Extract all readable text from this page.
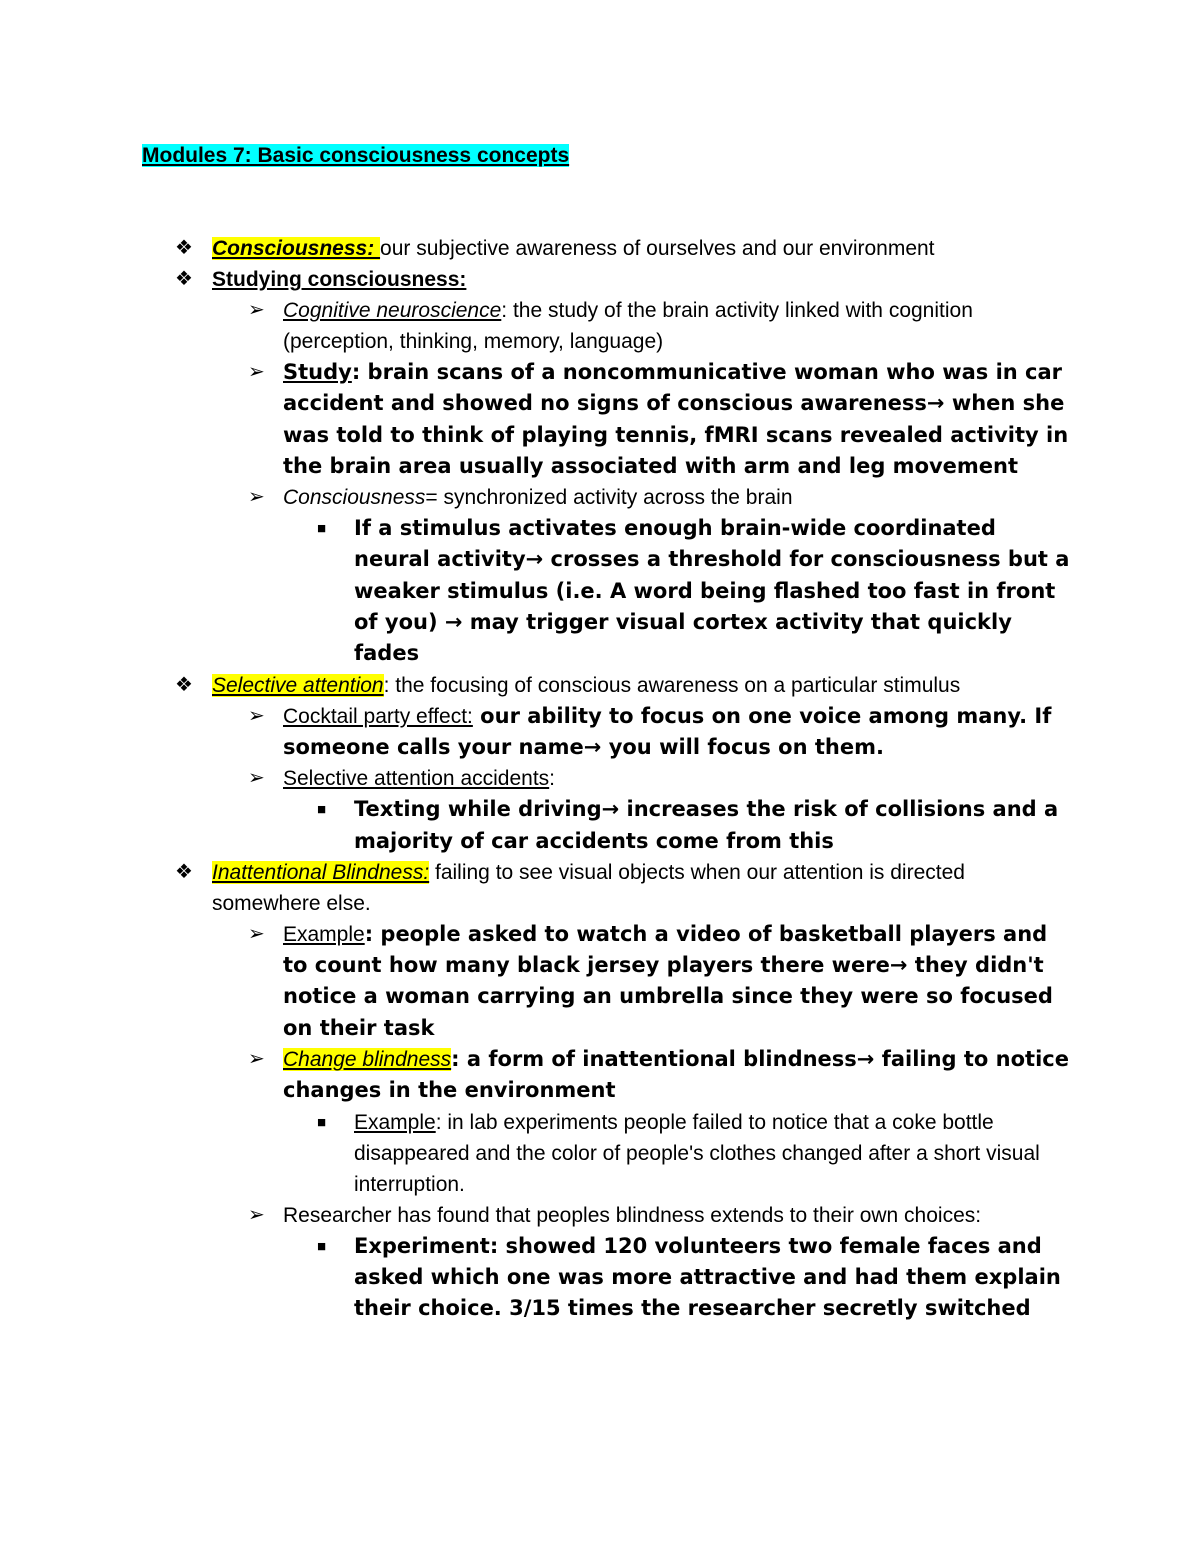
Modules 7: Basic consciousness concepts
❖ Consciousness: our subjective awareness of ourselves and our environment
❖ Studying consciousness:
➢ Cognitive neuroscience: the study of the brain activity linked with cognition (perception, thinking, memory, language)
➢ Study: brain scans of a noncommunicative woman who was in car accident and showed no signs of conscious awareness→ when she was told to think of playing tennis, fMRI scans revealed activity in the brain area usually associated with arm and leg movement
➢ Consciousness= synchronized activity across the brain
■ If a stimulus activates enough brain-wide coordinated neural activity→ crosses a threshold for consciousness but a weaker stimulus (i.e. A word being flashed too fast in front of you) → may trigger visual cortex activity that quickly fades
❖ Selective attention: the focusing of conscious awareness on a particular stimulus
➢ Cocktail party effect: our ability to focus on one voice among many. If someone calls your name→ you will focus on them.
➢ Selective attention accidents:
■ Texting while driving→ increases the risk of collisions and a majority of car accidents come from this
❖ Inattentional Blindness: failing to see visual objects when our attention is directed somewhere else.
➢ Example: people asked to watch a video of basketball players and to count how many black jersey players there were→ they didn't notice a woman carrying an umbrella since they were so focused on their task
➢ Change blindness: a form of inattentional blindness→ failing to notice changes in the environment
■ Example: in lab experiments people failed to notice that a coke bottle disappeared and the color of people's clothes changed after a short visual interruption.
➢ Researcher has found that peoples blindness extends to their own choices:
■ Experiment: showed 120 volunteers two female faces and asked which one was more attractive and had them explain their choice. 3/15 times the researcher secretly switched
